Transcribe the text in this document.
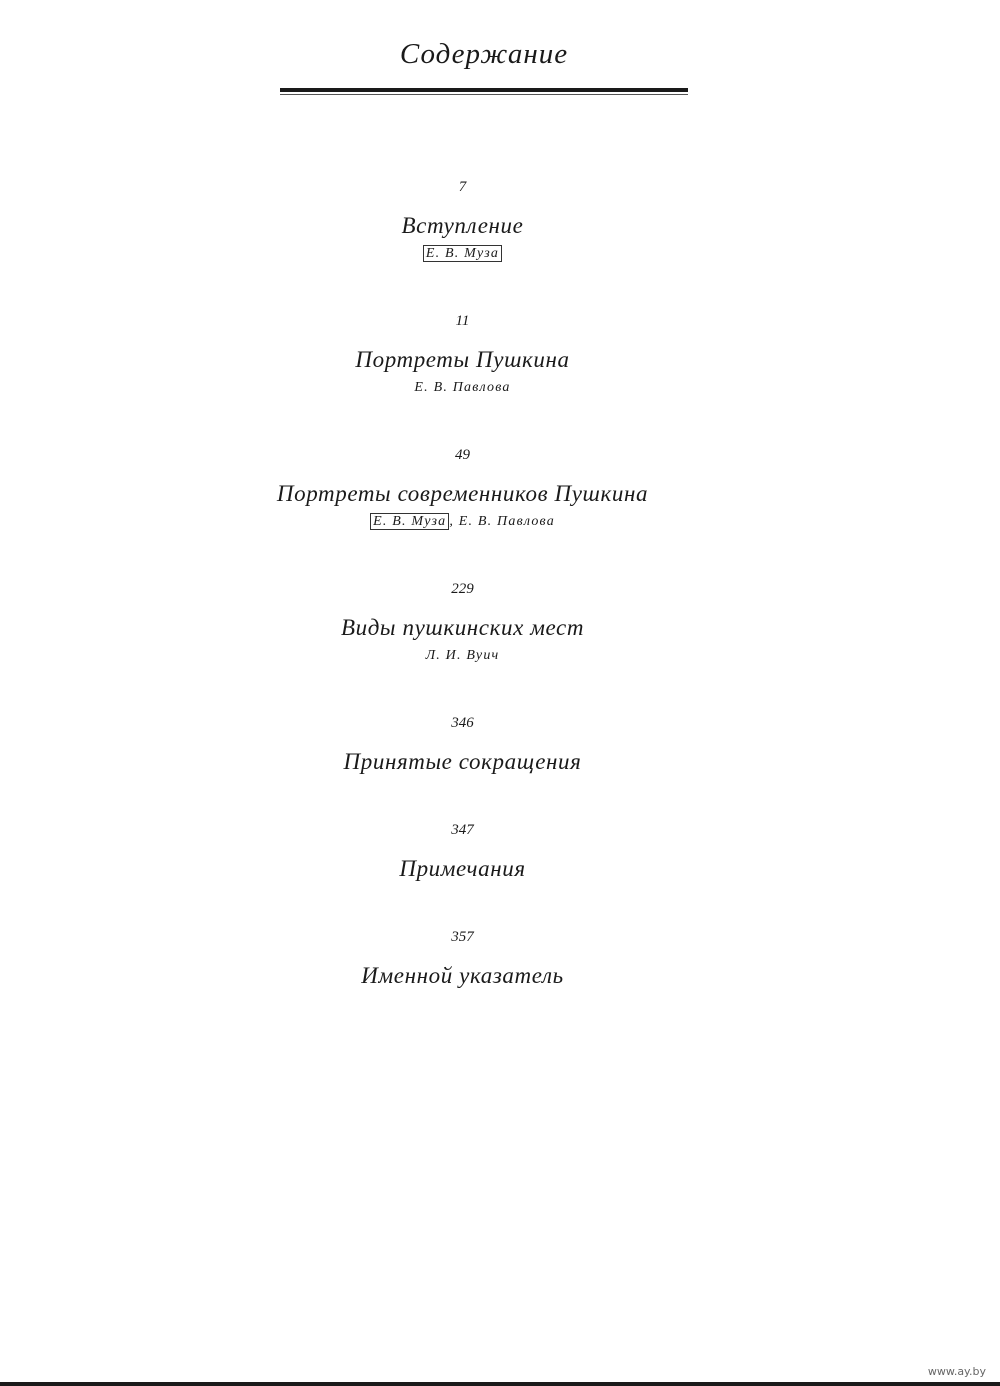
Содержание
7
Вступление
Е. В. Муза
11
Портреты Пушкина
Е. В. Павлова
49
Портреты современников Пушкина
Е. В. Муза , Е. В. Павлова
229
Виды пушкинских мест
Л. И. Вуич
346
Принятые сокращения
347
Примечания
357
Именной указатель
www.ay.by
